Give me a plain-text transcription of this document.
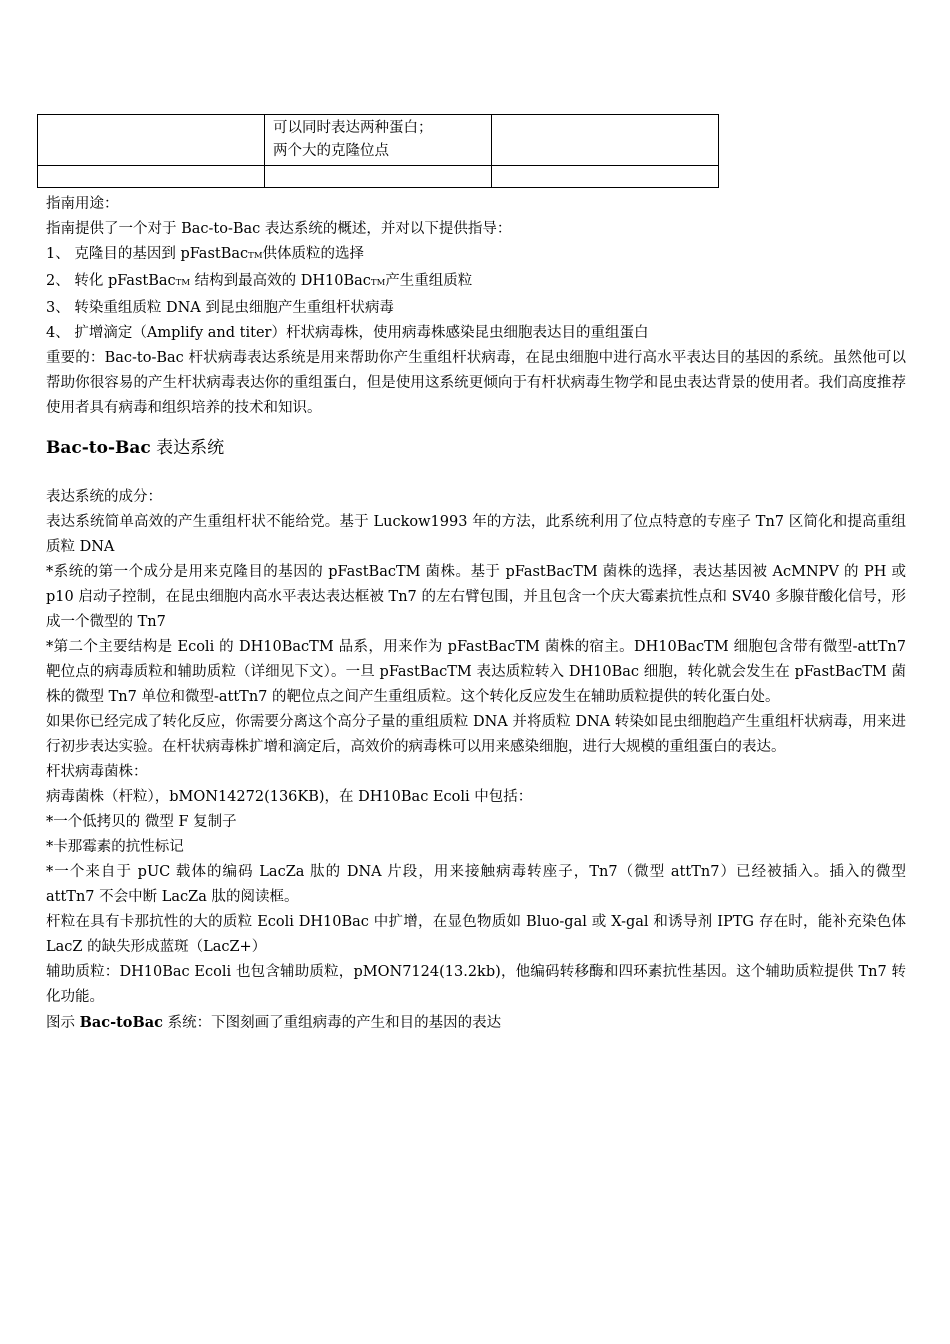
	可以同时表达两种蛋白；
两个大的克隆位点	

指南用途：
指南提供了一个对于 Bac-to-Bac 表达系统的概述，并对以下提供指导：
1、 克隆目的基因到 pFastBacTM供体质粒的选择
2、 转化 pFastBacTM 结构到最高效的 DH10BacTM产生重组质粒
3、 转染重组质粒 DNA 到昆虫细胞产生重组杆状病毒
4、 扩增滴定（Amplify and titer）杆状病毒株，使用病毒株感染昆虫细胞表达目的重组蛋白
重要的：Bac-to-Bac 杆状病毒表达系统是用来帮助你产生重组杆状病毒，在昆虫细胞中进行高水平表达目的基因的系统。虽然他可以帮助你很容易的产生杆状病毒表达你的重组蛋白，但是使用这系统更倾向于有杆状病毒生物学和昆虫表达背景的使用者。我们高度推荐使用者具有病毒和组织培养的技术和知识。
Bac-to-Bac 表达系统
表达系统的成分：
表达系统简单高效的产生重组杆状不能给党。基于 Luckow1993 年的方法，此系统利用了位点特意的专座子 Tn7 区简化和提高重组质粒 DNA
*系统的第一个成分是用来克隆目的基因的 pFastBacTM 菌株。基于 pFastBacTM 菌株的选择，表达基因被 AcMNPV 的 PH 或 p10 启动子控制，在昆虫细胞内高水平表达表达框被 Tn7 的左右臂包围，并且包含一个庆大霉素抗性点和 SV40 多腺苷酸化信号，形成一个微型的 Tn7
*第二个主要结构是 Ecoli 的 DH10BacTM 品系，用来作为 pFastBacTM 菌株的宿主。DH10BacTM 细胞包含带有微型-attTn7 靶位点的病毒质粒和辅助质粒（详细见下文）。一旦 pFastBacTM 表达质粒转入 DH10Bac 细胞，转化就会发生在 pFastBacTM 菌株的微型 Tn7 单位和微型-attTn7 的靶位点之间产生重组质粒。这个转化反应发生在辅助质粒提供的转化蛋白处。
如果你已经完成了转化反应，你需要分离这个高分子量的重组质粒 DNA 并将质粒 DNA 转染如昆虫细胞趋产生重组杆状病毒，用来进行初步表达实验。在杆状病毒株扩增和滴定后，高效价的病毒株可以用来感染细胞，进行大规模的重组蛋白的表达。
杆状病毒菌株：
病毒菌株（杆粒），bMON14272(136KB)，在 DH10Bac Ecoli 中包括：
*一个低拷贝的 微型 F 复制子
*卡那霉素的抗性标记
*一个来自于 pUC 载体的编码 LacZa 肽的 DNA 片段，用来接触病毒转座子，Tn7（微型 attTn7）已经被插入。插入的微型 attTn7 不会中断 LacZa 肽的阅读框。
杆粒在具有卡那抗性的大的质粒 Ecoli DH10Bac 中扩增，在显色物质如 Bluo-gal 或 X-gal 和诱导剂 IPTG 存在时，能补充染色体 LacZ 的缺失形成蓝斑（LacZ+）
辅助质粒：DH10Bac Ecoli 也包含辅助质粒，pMON7124(13.2kb)，他编码转移酶和四环素抗性基因。这个辅助质粒提供 Tn7 转化功能。
图示 Bac-toBac 系统：下图刻画了重组病毒的产生和目的基因的表达
